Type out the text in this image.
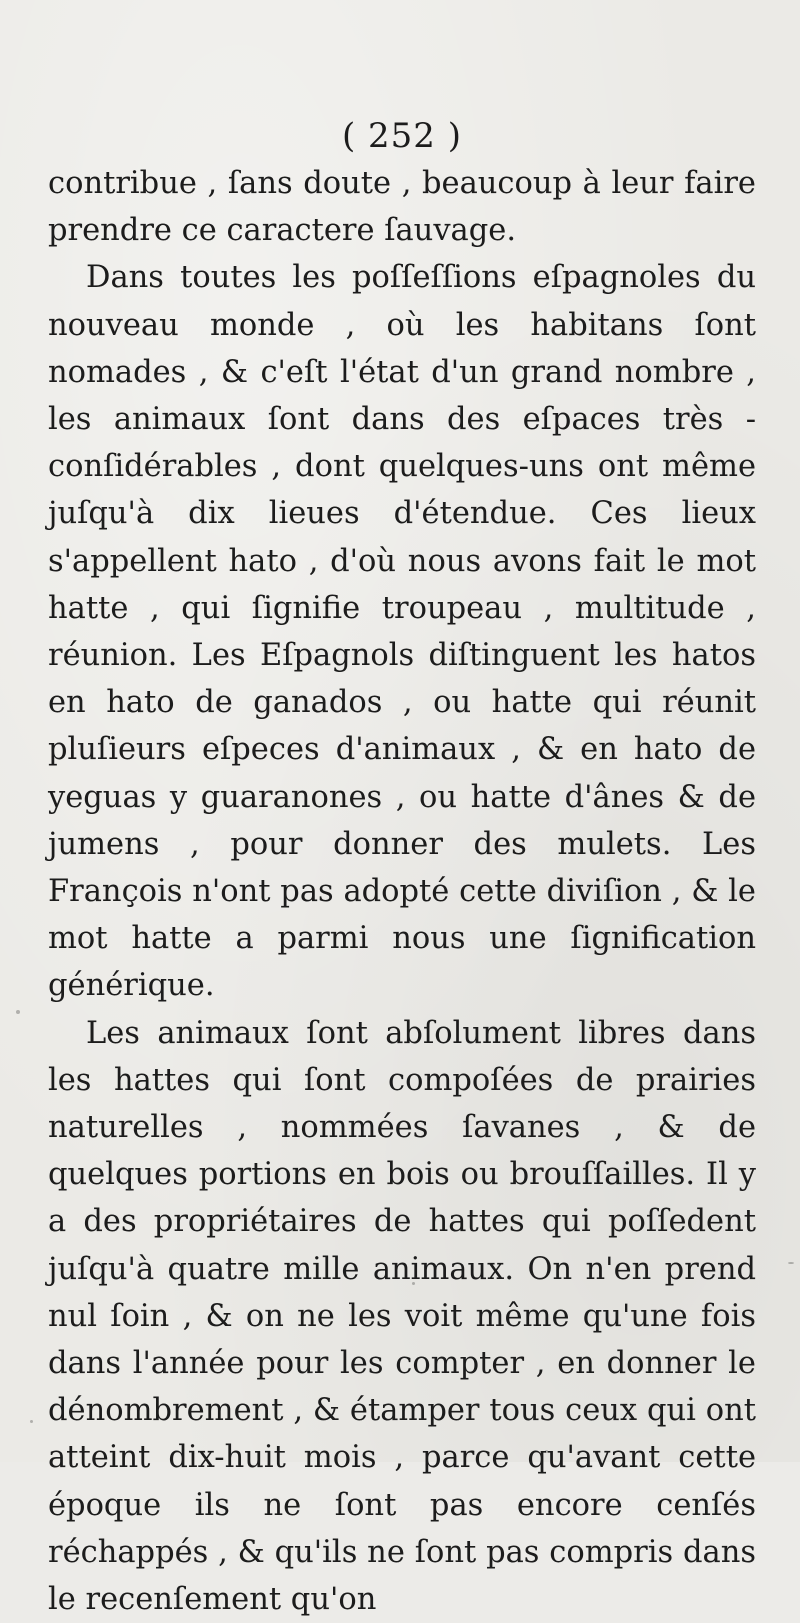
( 252 )

contribue , ſans doute , beaucoup à leur faire prendre ce caractere ſauvage.

Dans toutes les poſſeſſions eſpagnoles du nouveau monde , où les habitans ſont nomades , & c'eſt l'état d'un grand nombre , les animaux ſont dans des eſpaces très - conſidérables , dont quelques-uns ont même juſqu'à dix lieues d'étendue. Ces lieux s'appellent hato , d'où nous avons fait le mot hatte , qui ſignifie troupeau , multitude , réunion. Les Eſpagnols diſtinguent les hatos en hato de ganados , ou hatte qui réunit pluſieurs eſpeces d'animaux , & en hato de yeguas y guaranones , ou hatte d'ânes & de jumens , pour donner des mulets. Les François n'ont pas adopté cette diviſion , & le mot hatte a parmi nous une ſignification générique.

Les animaux ſont abſolument libres dans les hattes qui ſont compoſées de prairies naturelles , nommées ſavanes , & de quelques portions en bois ou brouſſailles. Il y a des propriétaires de hattes qui poſſedent juſqu'à quatre mille animaux. On n'en prend nul ſoin , & on ne les voit même qu'une fois dans l'année pour les compter , en donner le dénombrement , & étamper tous ceux qui ont atteint dix-huit mois , parce qu'avant cette époque ils ne ſont pas encore cenſés réchappés , & qu'ils ne ſont pas compris dans le recenſement qu'on
